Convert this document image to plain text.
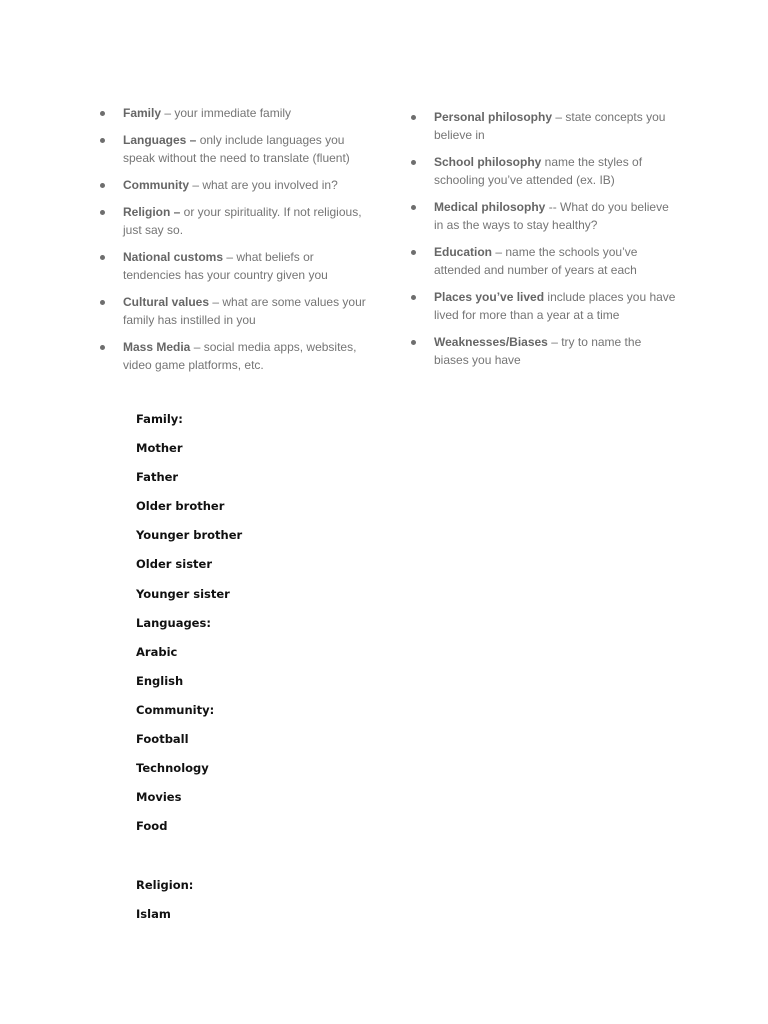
Family – your immediate family
Languages – only include languages you speak without the need to translate (fluent)
Community – what are you involved in?
Religion – or your spirituality. If not religious, just say so.
National customs – what beliefs or tendencies has your country given you
Cultural values – what are some values your family has instilled in you
Mass Media – social media apps, websites, video game platforms, etc.
Personal philosophy – state concepts you believe in
School philosophy name the styles of schooling you’ve attended (ex. IB)
Medical philosophy -- What do you believe in as the ways to stay healthy?
Education – name the schools you’ve attended and number of years at each
Places you’ve lived include places you have lived for more than a year at a time
Weaknesses/Biases – try to name the biases you have
Family:
Mother
Father
Older brother
Younger brother
Older sister
Younger sister
Languages:
Arabic
English
Community:
Football
Technology
Movies
Food
Religion:
Islam
